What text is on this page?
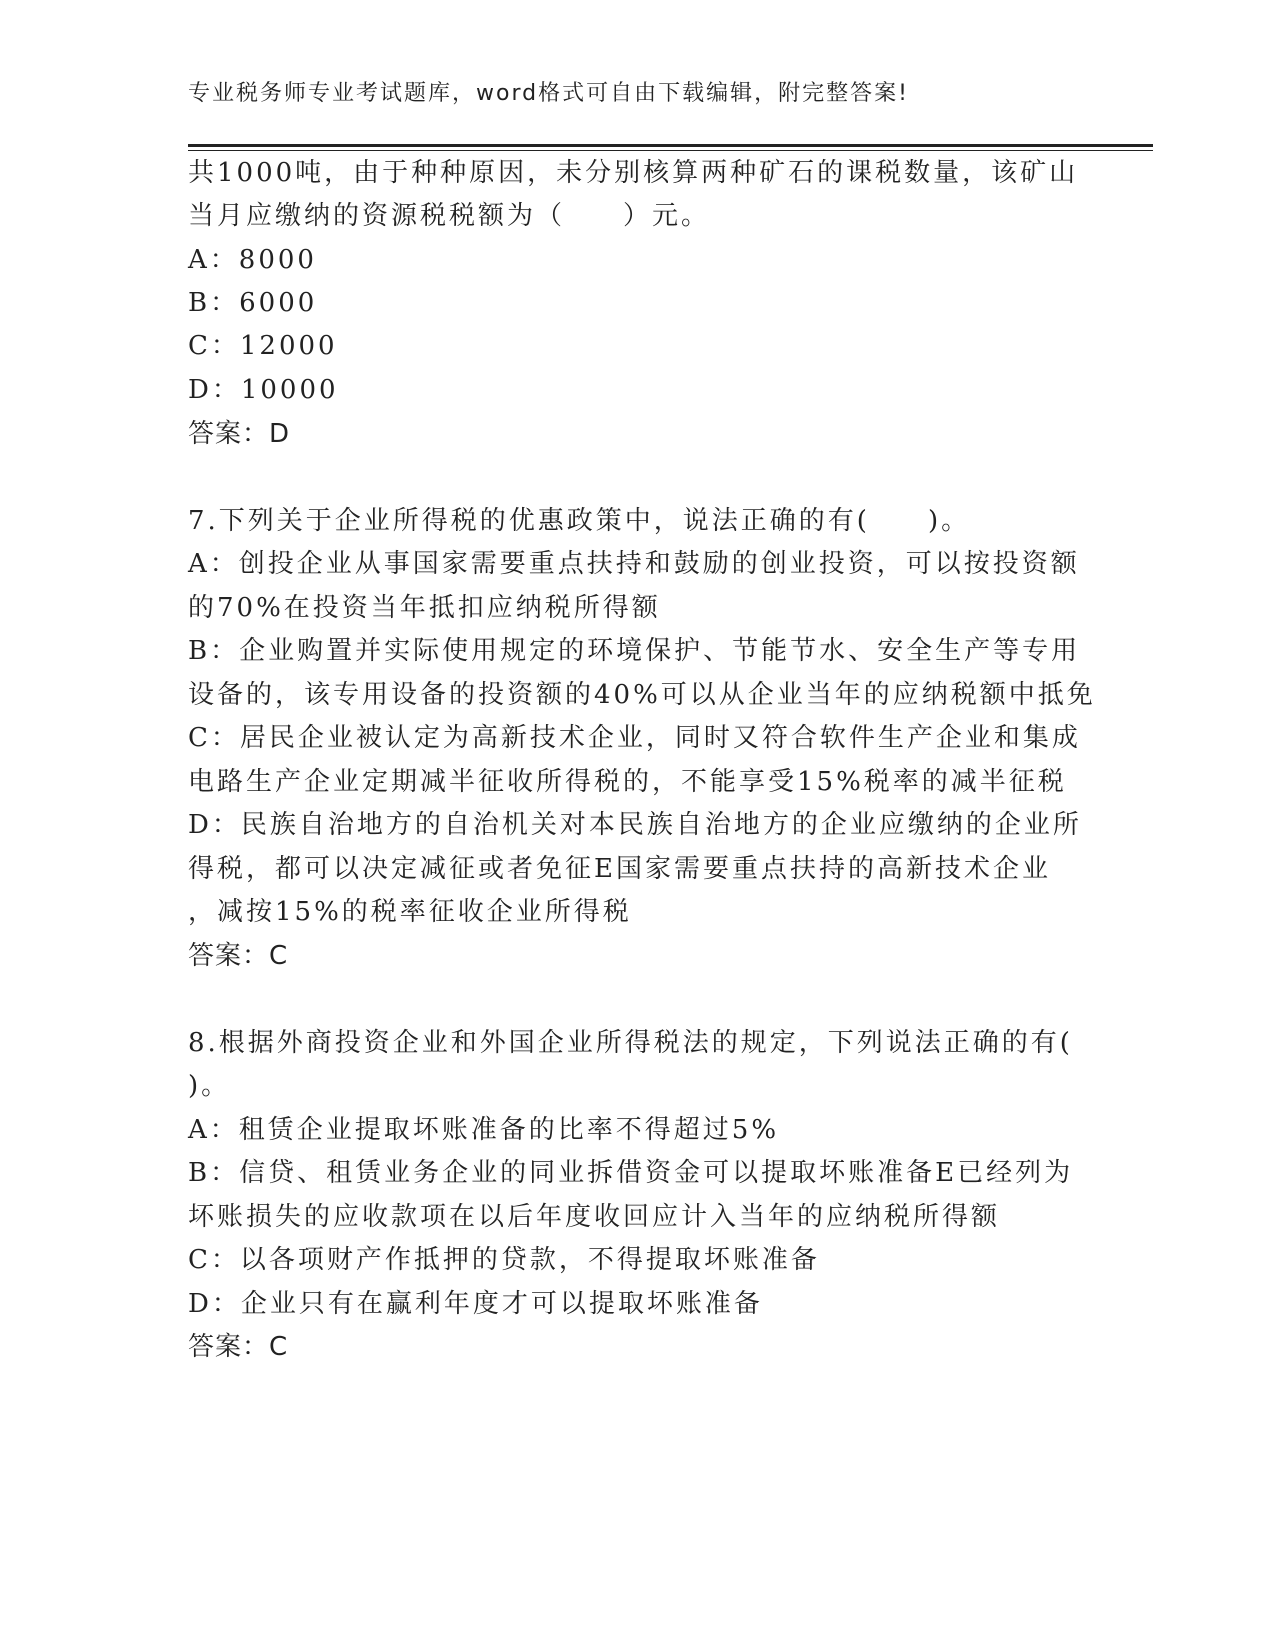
专业税务师专业考试题库，word格式可自由下载编辑，附完整答案!
共1000吨，由于种种原因，未分别核算两种矿石的课税数量，该矿山
当月应缴纳的资源税税额为（　　）元。
A：8000
B：6000
C：12000
D：10000
答案：D
7.下列关于企业所得税的优惠政策中，说法正确的有(　　)。
A：创投企业从事国家需要重点扶持和鼓励的创业投资，可以按投资额
的70%在投资当年抵扣应纳税所得额
B：企业购置并实际使用规定的环境保护、节能节水、安全生产等专用
设备的，该专用设备的投资额的40%可以从企业当年的应纳税额中抵免
C：居民企业被认定为高新技术企业，同时又符合软件生产企业和集成
电路生产企业定期减半征收所得税的，不能享受15%税率的减半征税
D：民族自治地方的自治机关对本民族自治地方的企业应缴纳的企业所
得税，都可以决定减征或者免征E国家需要重点扶持的高新技术企业
，减按15%的税率征收企业所得税
答案：C
8.根据外商投资企业和外国企业所得税法的规定，下列说法正确的有(
)。
A：租赁企业提取坏账准备的比率不得超过5%
B：信贷、租赁业务企业的同业拆借资金可以提取坏账准备E已经列为
坏账损失的应收款项在以后年度收回应计入当年的应纳税所得额
C：以各项财产作抵押的贷款，不得提取坏账准备
D：企业只有在赢利年度才可以提取坏账准备
答案：C
